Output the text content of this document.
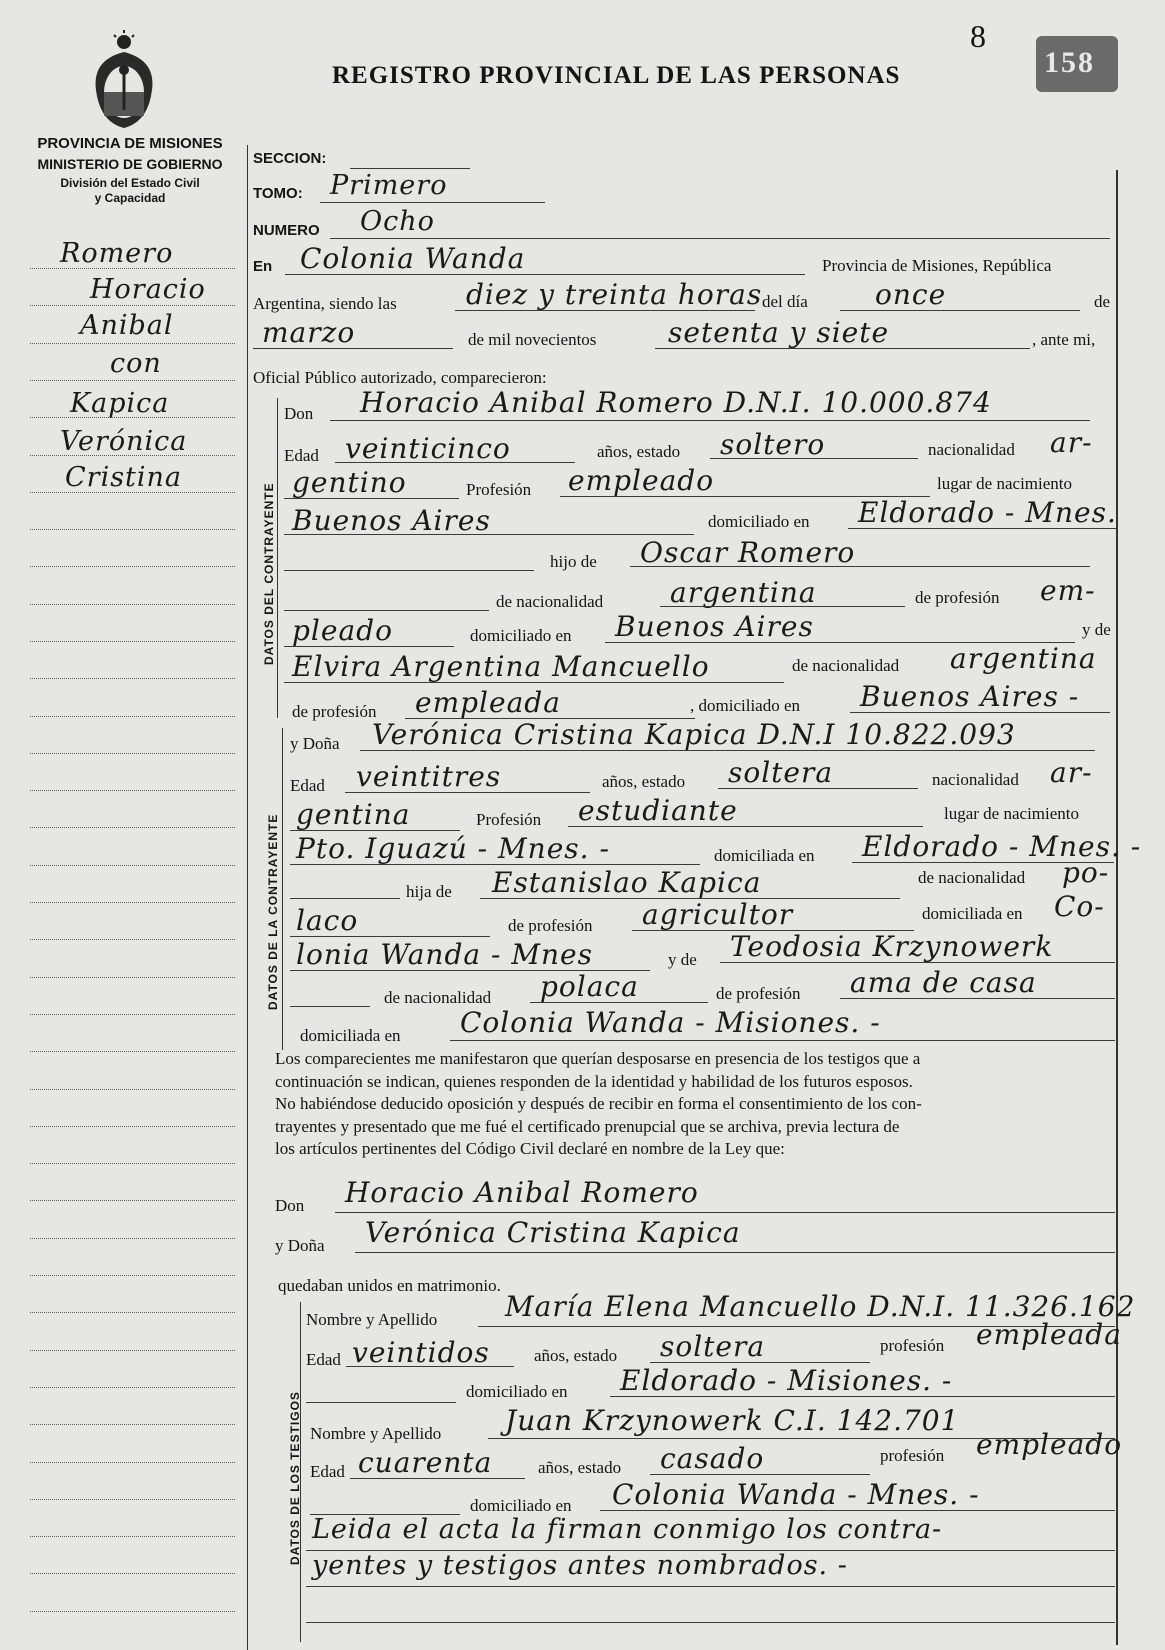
8
REGISTRO PROVINCIAL DE LAS PERSONAS	158
PROVINCIA DE MISIONES
MINISTERIO DE GOBIERNO
División del Estado Civil
y Capacidad
Romero
Horacio
Anibal
con
Kapica
Verónica
Cristina
SECCION:
TOMO: Primero
NUMERO Ocho
En Colonia Wanda	Provincia de Misiones, República
Argentina, siendo las diez y treinta horas del día once	de
marzo	de mil novecientos	setenta y siete	, ante mi,
Oficial Público autorizado, comparecieron:
DATOS DEL CONTRAYENTE
Don Horacio Anibal Romero D.N.I. 10.000.874
Edad veinticinco	años, estado soltero	nacionalidad ar-
gentino	Profesión empleado	lugar de nacimiento
Buenos Aires	domiciliado en Eldorado - Mnes.
hijo de Oscar Romero
de nacionalidad argentina	de profesión em-
pleado	domiciliado en Buenos Aires	y de
Elvira Argentina Mancuello	de nacionalidad argentina
de profesión empleada	, domiciliado en Buenos Aires -
DATOS DE LA CONTRAYENTE
y Doña Verónica Cristina Kapica D.N.I 10.822.093
Edad veintitres	años, estado soltera	nacionalidad ar-
gentina	Profesión estudiante	lugar de nacimiento
Pto. Iguazú - Mnes. -	domiciliada en Eldorado - Mnes. -
hija de Estanislao Kapica	de nacionalidad po-
laco	de profesión agricultor	domiciliada en Co-
lonia Wanda - Mnes	y de Teodosia Krzynowerk
de nacionalidad polaca	de profesión ama de casa
domiciliada en Colonia Wanda - Misiones. -
Los comparecientes me manifestaron que querían desposarse en presencia de los testigos que a
continuación se indican, quienes responden de la identidad y habilidad de los futuros esposos.
No habiéndose deducido oposición y después de recibir en forma el consentimiento de los con-
trayentes y presentado que me fué el certificado prenupcial que se archiva, previa lectura de
los artículos pertinentes del Código Civil declaré en nombre de la Ley que:
Don Horacio Anibal Romero
y Doña Verónica Cristina Kapica
quedaban unidos en matrimonio.
DATOS DE LOS TESTIGOS
Nombre y Apellido María Elena Mancuello D.N.I. 11.326.162
Edad veintidos	años, estado soltera	profesión empleada
domiciliado en Eldorado - Misiones. -
Nombre y Apellido Juan Krzynowerk C.I. 142.701
Edad cuarenta	años, estado casado	profesión empleado
domiciliado en Colonia Wanda - Mnes. -
Leida el acta la firman conmigo los contra-
yentes y testigos antes nombrados. -
